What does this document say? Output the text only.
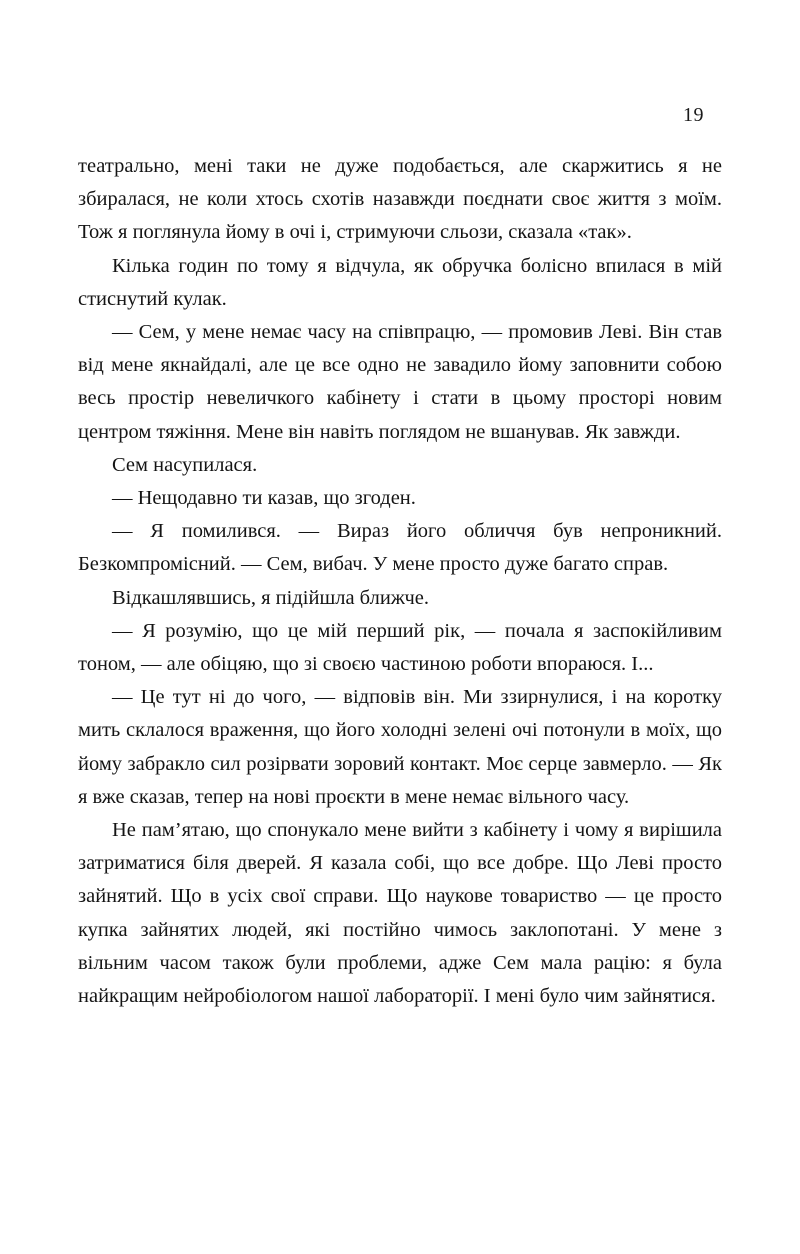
19

театрально, мені таки не дуже подобається, але скаржитись я не збиралася, не коли хтось схотів назавжди поєднати своє життя з моїм. Тож я поглянула йому в очі і, стримуючи сльози, сказала «так».

Кілька годин по тому я відчула, як обручка болісно впилася в мій стиснутий кулак.

— Сем, у мене немає часу на співпрацю, — промовив Леві. Він став від мене якнайдалі, але це все одно не завадило йому заповнити собою весь простір невеличкого кабінету і стати в цьому просторі новим центром тяжіння. Мене він навіть поглядом не вшанував. Як завжди.

Сем насупилася.

— Нещодавно ти казав, що згоден.

— Я помилився. — Вираз його обличчя був непроникний. Безкомпромісний. — Сем, вибач. У мене просто дуже багато справ.

Відкашлявшись, я підійшла ближче.

— Я розумію, що це мій перший рік, — почала я заспокійливим тоном, — але обіцяю, що зі своєю частиною роботи впораюся. І...

— Це тут ні до чого, — відповів він. Ми ззирнулися, і на коротку мить склалося враження, що його холодні зелені очі потонули в моїх, що йому забракло сил розірвати зоровий контакт. Моє серце завмерло. — Як я вже сказав, тепер на нові проєкти в мене немає вільного часу.

Не пам’ятаю, що спонукало мене вийти з кабінету і чому я вирішила затриматися біля дверей. Я казала собі, що все добре. Що Леві просто зайнятий. Що в усіх свої справи. Що наукове товариство — це просто купка зайнятих людей, які постійно чимось заклопотані. У мене з вільним часом також були проблеми, адже Сем мала рацію: я була найкращим нейробіологом нашої лабораторії. І мені було чим зайнятися.
